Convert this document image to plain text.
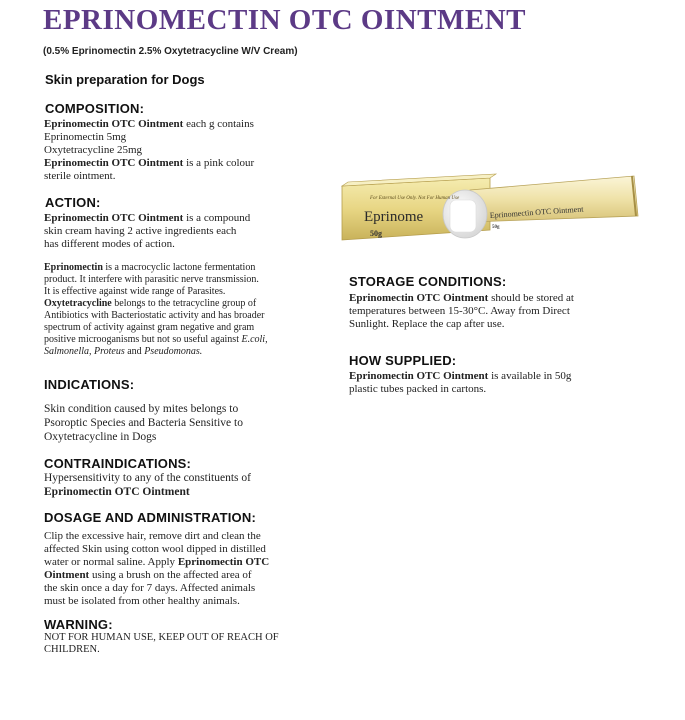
EPRINOMECTIN OTC OINTMENT
(0.5% Eprinomectin 2.5% Oxytetracycline W/V Cream)
Skin preparation for Dogs
COMPOSITION:
Eprinomectin OTC Ointment each g contains
Eprinomectin 5mg
Oxytetracycline 25mg
Eprinomectin OTC Ointment is a pink colour
sterile ointment.
ACTION:
Eprinomectin OTC Ointment is a compound
skin cream having 2 active ingredients each
has different modes of action.
Eprinomectin is a macrocyclic lactone fermentation
product. It interfere with parasitic nerve transmission.
It is effective against wide range of Parasites.
Oxytetracycline belongs to the tetracycline group of
Antibiotics with Bacteriostatic activity and has broader
spectrum of activity against gram negative and gram
positive microoganisms but not so useful against E.coli,
Salmonella, Proteus and Pseudomonas.
INDICATIONS:
Skin condition caused by mites belongs to
Psoroptic Species and Bacteria Sensitive to
Oxytetracycline in Dogs
CONTRAINDICATIONS:
Hypersensitivity to any of the constituents of
Eprinomectin OTC Ointment
DOSAGE AND ADMINISTRATION:
Clip the excessive hair, remove dirt and clean the
affected Skin using cotton wool dipped in distilled
water or normal saline. Apply Eprinomectin OTC
Ointment using a brush on the affected area of
the skin once a day for 7 days. Affected animals
must be isolated from other healthy animals.
WARNING:
NOT FOR HUMAN USE, KEEP OUT OF REACH OF
CHILDREN.
For External Use Only. Not For Human Use
Eprinome
50g
Eprinomectin OTC Ointment
50g
STORAGE CONDITIONS:
Eprinomectin OTC Ointment should be stored at
temperatures between 15-30°C. Away from Direct
Sunlight. Replace the cap after use.
HOW SUPPLIED:
Eprinomectin OTC Ointment is available in 50g
plastic tubes packed in cartons.
